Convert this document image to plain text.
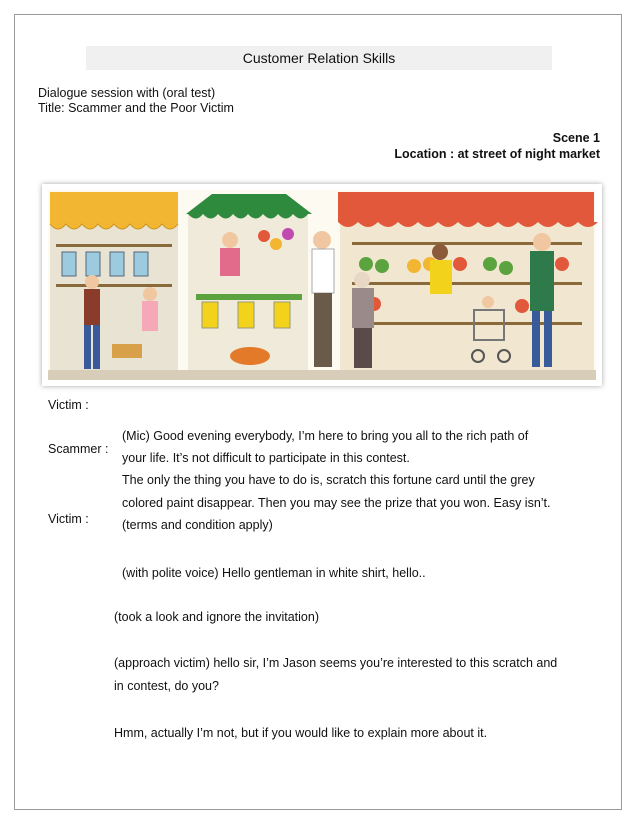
Customer Relation Skills
Dialogue session with (oral test)
Title: Scammer and the Poor Victim
Scene 1
Location : at street of night market
Victim :
Scammer :
Victim :
(Mic) Good evening everybody, I’m here to bring you all to the rich path of
your life. It’s not difficult to participate in this contest.
The only the thing you have to do is, scratch this fortune card until the grey
colored paint disappear. Then you may see the prize that you won. Easy isn’t.
(terms and condition apply)
(with polite voice) Hello gentleman in white shirt, hello..
(took a look and ignore the invitation)
(approach victim) hello sir, I’m Jason seems you’re interested to this scratch and
in contest, do you?
Hmm, actually I’m not, but if you would like to explain more about it.
